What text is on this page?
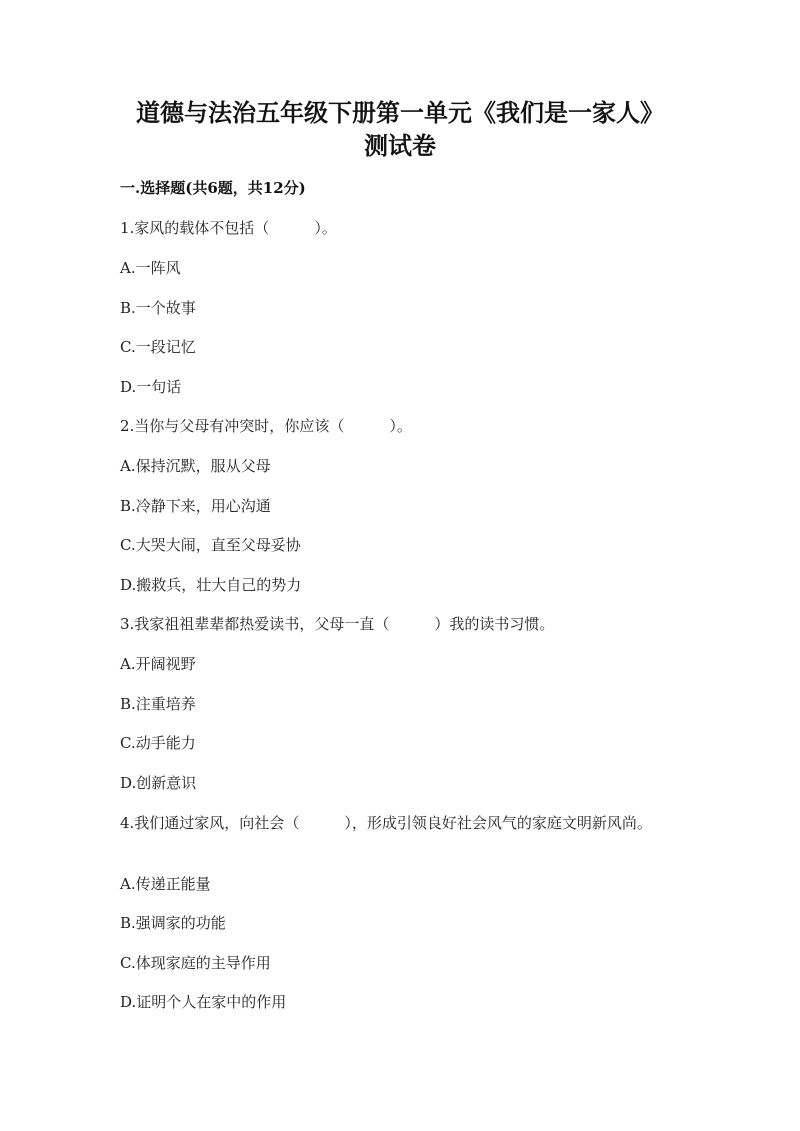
道德与法治五年级下册第一单元《我们是一家人》
测试卷
一.选择题(共6题，共12分)
1.家风的载体不包括（　　　）。
A.一阵风
B.一个故事
C.一段记忆
D.一句话
2.当你与父母有冲突时，你应该（　　　）。
A.保持沉默，服从父母
B.冷静下来，用心沟通
C.大哭大闹，直至父母妥协
D.搬救兵，壮大自己的势力
3.我家祖祖辈辈都热爱读书，父母一直（　　　）我的读书习惯。
A.开阔视野
B.注重培养
C.动手能力
D.创新意识
4.我们通过家风，向社会（　　　），形成引领良好社会风气的家庭文明新风尚。
A.传递正能量
B.强调家的功能
C.体现家庭的主导作用
D.证明个人在家中的作用
